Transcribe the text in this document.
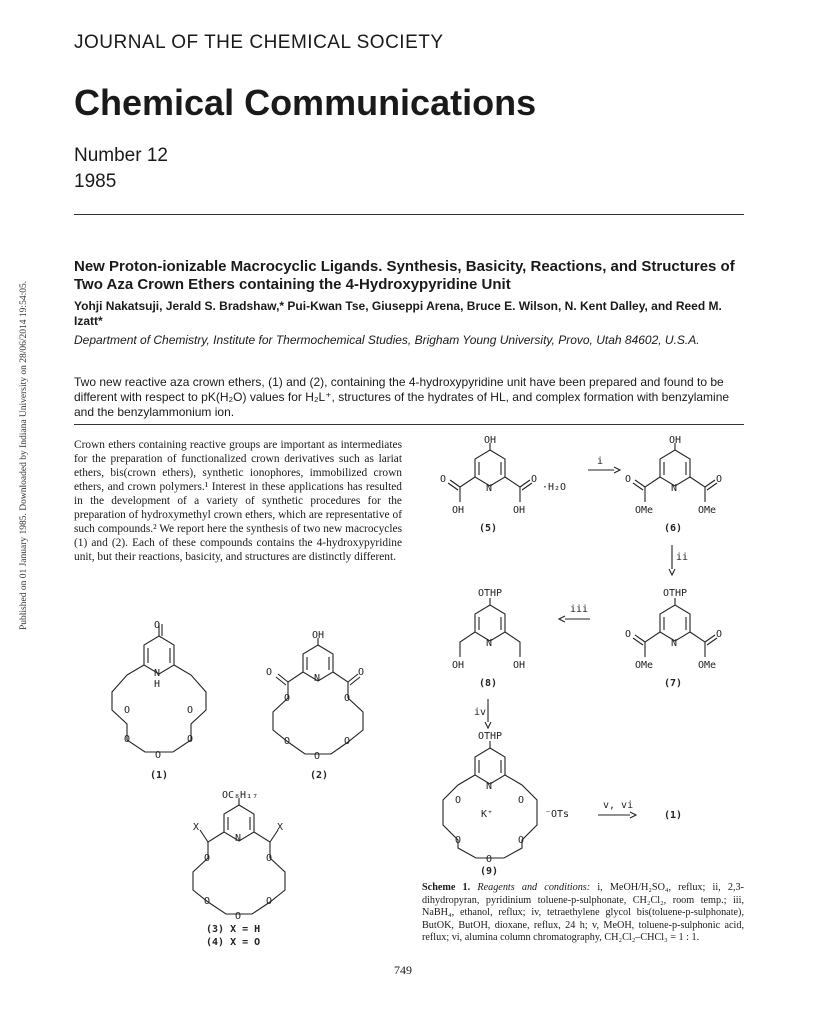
Published on 01 January 1985. Downloaded by Indiana University on 28/06/2014 19:54:05.
JOURNAL OF THE CHEMICAL SOCIETY
Chemical Communications
Number 12
1985
New Proton-ionizable Macrocyclic Ligands. Synthesis, Basicity, Reactions, and Structures of Two Aza Crown Ethers containing the 4-Hydroxypyridine Unit
Yohji Nakatsuji, Jerald S. Bradshaw,* Pui-Kwan Tse, Giuseppi Arena, Bruce E. Wilson, N. Kent Dalley, and Reed M. Izatt*
Department of Chemistry, Institute for Thermochemical Studies, Brigham Young University, Provo, Utah 84602, U.S.A.
Two new reactive aza crown ethers, (1) and (2), containing the 4-hydroxypyridine unit have been prepared and found to be different with respect to pK(H₂O) values for H₂L⁺, structures of the hydrates of HL, and complex formation with benzylamine and the benzylammonium ion.
Crown ethers containing reactive groups are important as intermediates for the preparation of functionalized crown derivatives such as lariat ethers, bis(crown ethers), synthetic ionophores, immobilized crown ethers, and crown polymers.¹ Interest in these applications has resulted in the development of a variety of synthetic procedures for the preparation of hydroxymethyl crown ethers, which are representative of such compounds.² We report here the synthesis of two new macrocycles (1) and (2). Each of these compounds contains the 4-hydroxypyridine unit, but their reactions, basicity, and structures are distinctly different.
O
N
H
O	O
O	O
O
(1)
OH
N
O	O
O	O
O	O
O
(2)
OC₈H₁₇
N
X	X
O	O
O	O
O
(3) X = H
(4) X = O
OH
N
O	O
OH	OH
·H₂O
(5)
i
OH
N
O	O
OMe	OMe
(6)
ii
OTHP
N
O	O
OMe	OMe
(7)
iii
OTHP
N
OH	OH
(8)
iv
OTHP
N
O	O
O	O
O
K⁺	⁻OTs
(9)
v, vi
(1)
Scheme 1. Reagents and conditions: i, MeOH/H₂SO₄, reflux; ii, 2,3-dihydropyran, pyridinium toluene-p-sulphonate, CH₂Cl₂, room temp.; iii, NaBH₄, ethanol, reflux; iv, tetraethylene glycol bis(toluene-p-sulphonate), ButOK, ButOH, dioxane, reflux, 24 h; v, MeOH, toluene-p-sulphonic acid, reflux; vi, alumina column chromatography, CH₂Cl₂–CHCl₃ = 1 : 1.
749
